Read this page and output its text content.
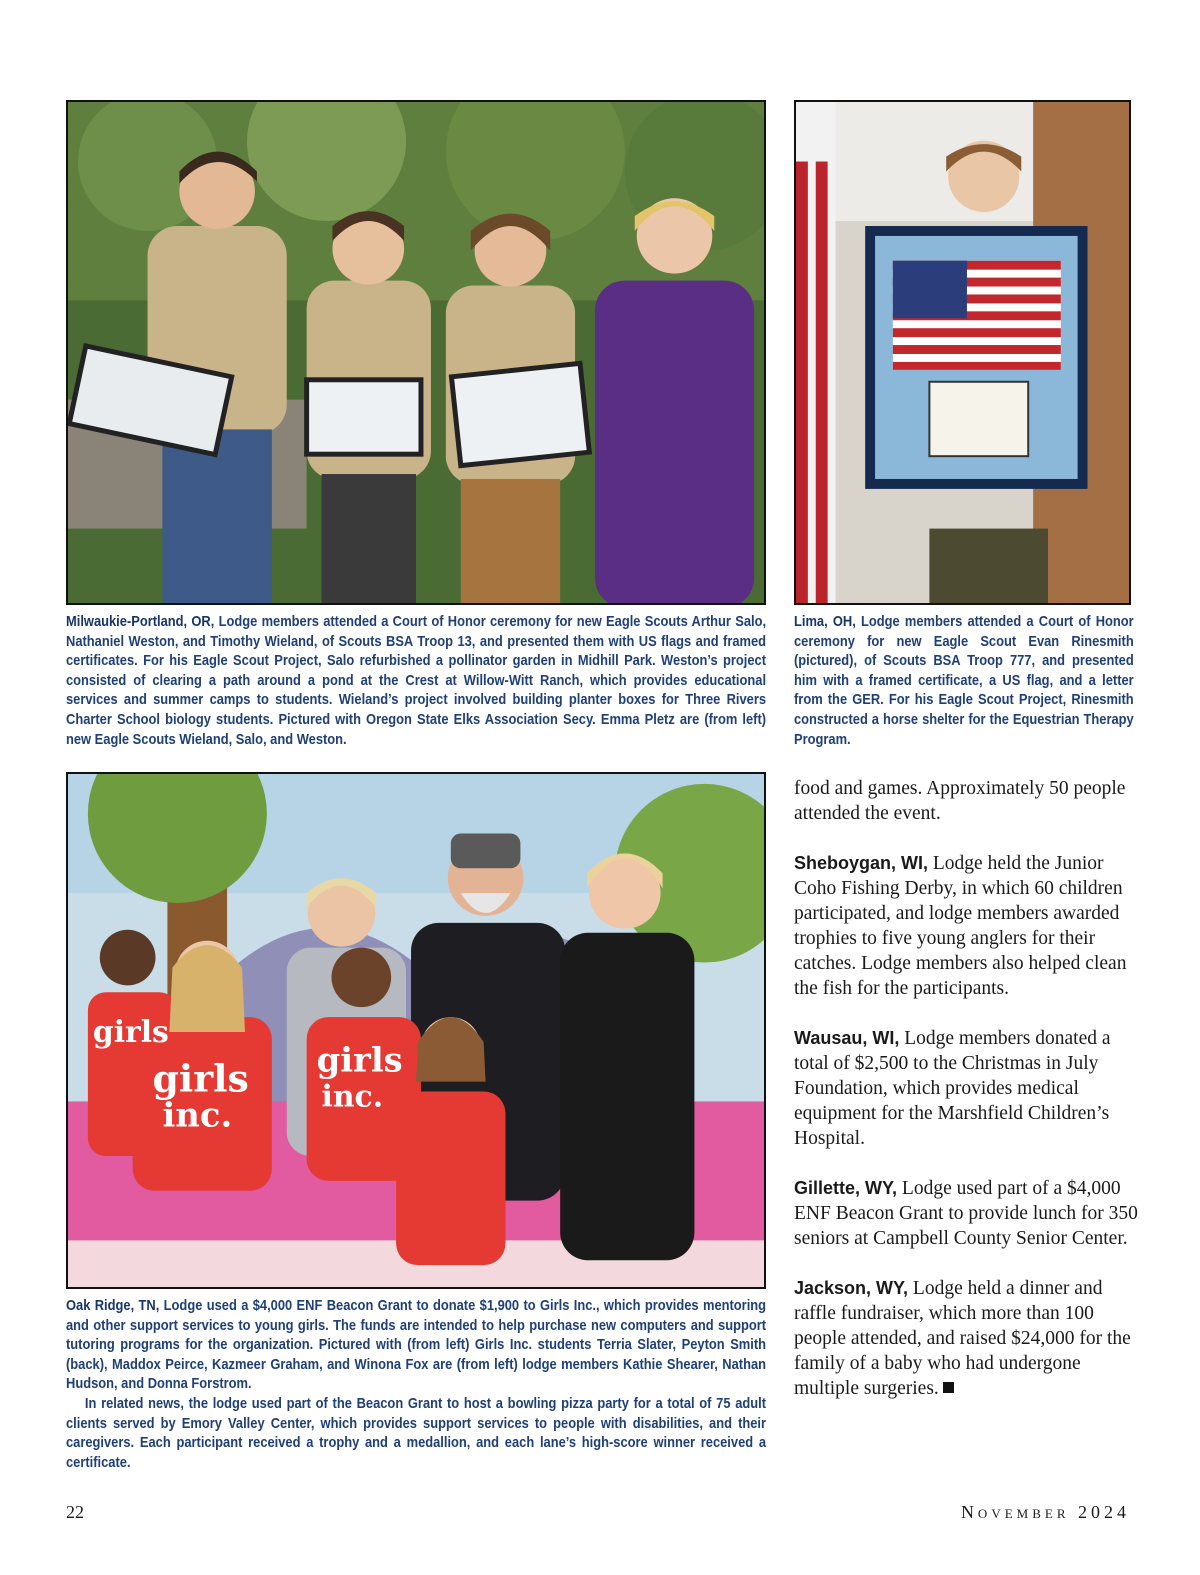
Milwaukie-Portland, OR, Lodge members attended a Court of Honor ceremony for new Eagle Scouts Arthur Salo, Nathaniel Weston, and Timothy Wieland, of Scouts BSA Troop 13, and presented them with US flags and framed certificates. For his Eagle Scout Project, Salo refurbished a pollinator garden in Midhill Park. Weston’s project consisted of clearing a path around a pond at the Crest at Willow-Witt Ranch, which provides educational services and summer camps to students. Wieland’s project involved building planter boxes for Three Rivers Charter School biology students. Pictured with Oregon State Elks Association Secy. Emma Pletz are (from left) new Eagle Scouts Wieland, Salo, and Weston.
Lima, OH, Lodge members attended a Court of Honor ceremony for new Eagle Scout Evan Rinesmith (pictured), of Scouts BSA Troop 777, and presented him with a framed certificate, a US flag, and a letter from the GER. For his Eagle Scout Project, Rinesmith constructed a horse shelter for the Equestrian Therapy Program.
girls
inc.
girls
inc.
girls
Oak Ridge, TN, Lodge used a $4,000 ENF Beacon Grant to donate $1,900 to Girls Inc., which provides mentoring and other support services to young girls. The funds are intended to help purchase new computers and support tutoring programs for the organization. Pictured with (from left) Girls Inc. students Terria Slater, Peyton Smith (back), Maddox Peirce, Kazmeer Graham, and Winona Fox are (from left) lodge members Kathie Shearer, Nathan Hudson, and Donna Forstrom.
In related news, the lodge used part of the Beacon Grant to host a bowling pizza party for a total of 75 adult clients served by Emory Valley Center, which provides support services to people with disabilities, and their caregivers. Each participant received a trophy and a medallion, and each lane’s high-score winner received a certificate.

food and games. Approximately 50 people attended the event.

Sheboygan, WI, Lodge held the Junior Coho Fishing Derby, in which 60 children participated, and lodge members awarded trophies to five young anglers for their catches. Lodge members also helped clean the fish for the participants.

Wausau, WI, Lodge members donated a total of $2,500 to the Christmas in July Foundation, which provides medical equipment for the Marshfield Children’s Hospital.

Gillette, WY, Lodge used part of a $4,000 ENF Beacon Grant to provide lunch for 350 seniors at Campbell County Senior Center.

Jackson, WY, Lodge held a dinner and raffle fundraiser, which more than 100 people attended, and raised $24,000 for the family of a baby who had undergone multiple surgeries.

22	November 2024
